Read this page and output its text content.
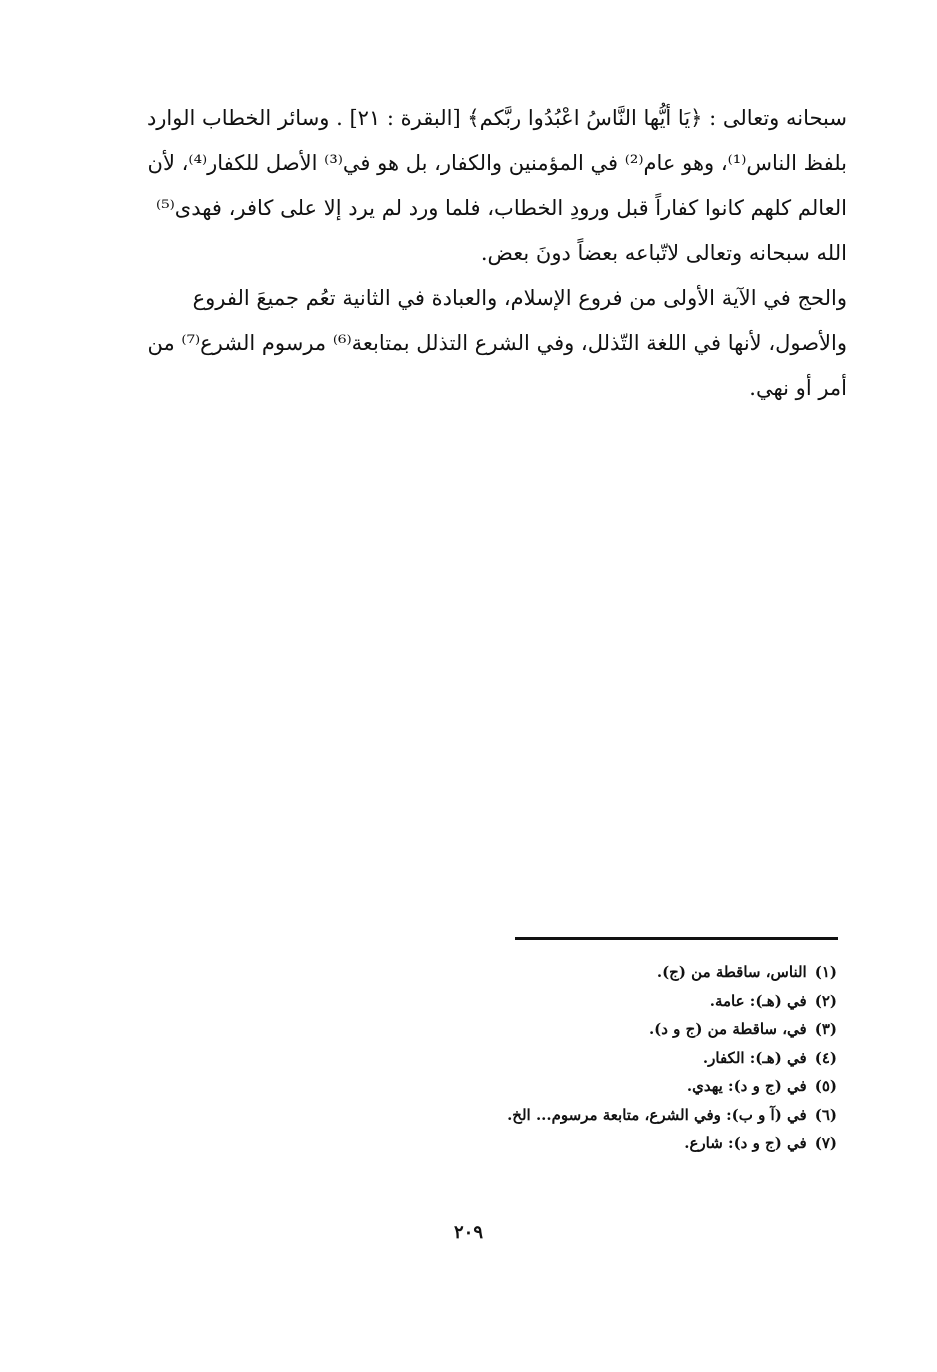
سبحانه وتعالى : ﴿يَا أيُّها النَّاسُ اعْبُدُوا ربَّكم﴾ [البقرة : ٢١] . وسائر الخطاب الوارد
بلفظ الناس⁽¹⁾، وهو عام⁽²⁾ في المؤمنين والكفار، بل هو في⁽³⁾ الأصل للكفار⁽⁴⁾، لأن
العالم كلهم كانوا كفاراً قبل ورودِ الخطاب، فلما ورد لم يرد إلا على كافر، فهدى⁽⁵⁾
الله سبحانه وتعالى لاتّباعه بعضاً دونَ بعض.
والحج في الآية الأولى من فروع الإسلام، والعبادة في الثانية تعُم جميعَ الفروع
والأصول، لأنها في اللغة التّذلل، وفي الشرع التذلل بمتابعة⁽⁶⁾ مرسوم الشرع⁽⁷⁾ من
أمر أو نهي.
(١)الناس، ساقطة من (ج).
(٢)في (هـ): عامة.
(٣)في، ساقطة من (ج و د).
(٤)في (هـ): الكفار.
(٥)في (ج و د): يهدي.
(٦)في (آ و ب): وفي الشرع، متابعة مرسوم... الخ.
(٧)في (ج و د): شارع.
٢٠٩
